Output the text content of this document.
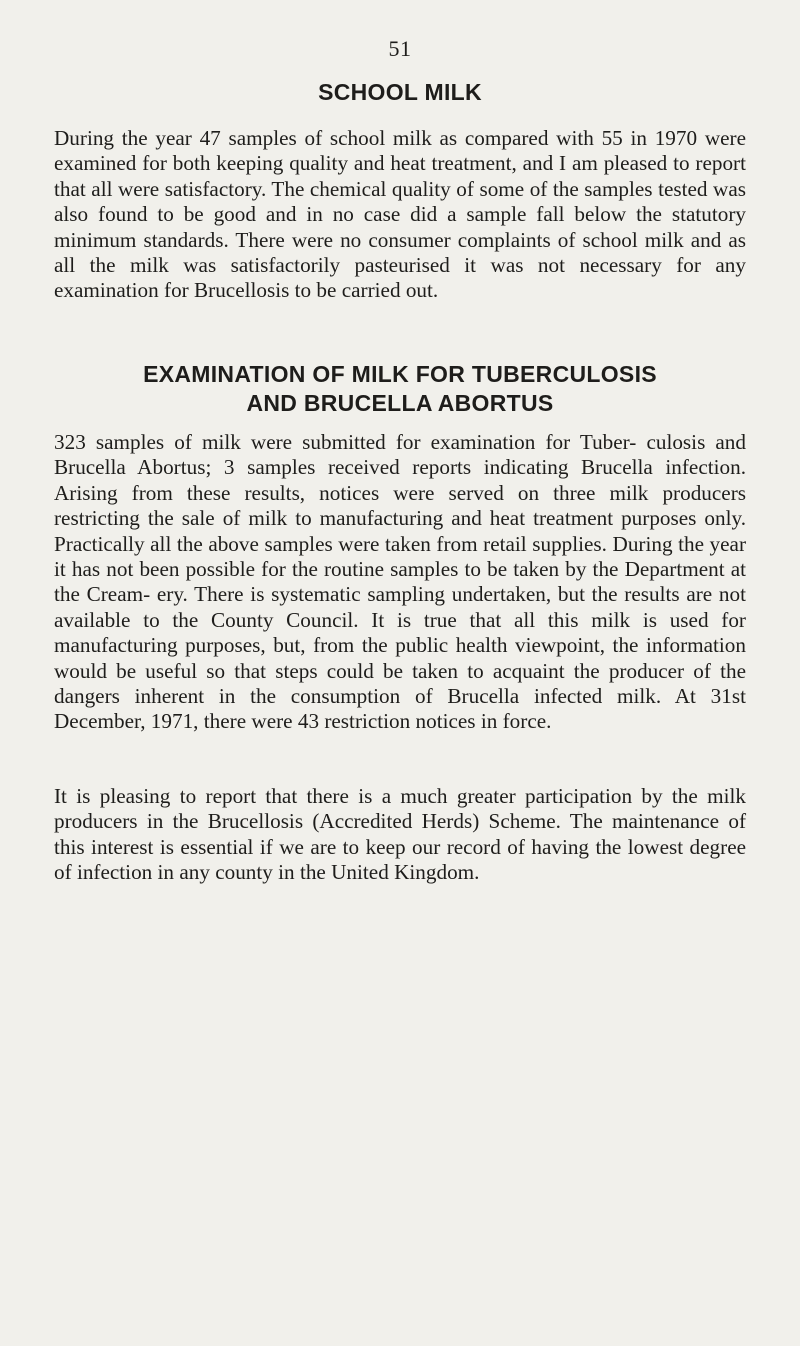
51
SCHOOL MILK

During the year 47 samples of school milk as compared with 55 in 1970 were examined for both keeping quality and heat treatment, and I am pleased to report that all were satisfactory. The chemical quality of some of the samples tested was also found to be good and in no case did a sample fall below the statutory minimum standards. There were no consumer complaints of school milk and as all the milk was satisfactorily pasteurised it was not necessary for any examination for Brucellosis to be carried out.

EXAMINATION OF MILK FOR TUBERCULOSIS
AND BRUCELLA ABORTUS

323 samples of milk were submitted for examination for Tuber- culosis and Brucella Abortus; 3 samples received reports indicating Brucella infection. Arising from these results, notices were served on three milk producers restricting the sale of milk to manufacturing and heat treatment purposes only. Practically all the above samples were taken from retail supplies. During the year it has not been possible for the routine samples to be taken by the Department at the Cream- ery. There is systematic sampling undertaken, but the results are not available to the County Council. It is true that all this milk is used for manufacturing purposes, but, from the public health viewpoint, the information would be useful so that steps could be taken to acquaint the producer of the dangers inherent in the consumption of Brucella infected milk. At 31st December, 1971, there were 43 restriction notices in force.

It is pleasing to report that there is a much greater participation by the milk producers in the Brucellosis (Accredited Herds) Scheme. The maintenance of this interest is essential if we are to keep our record of having the lowest degree of infection in any county in the United Kingdom.
